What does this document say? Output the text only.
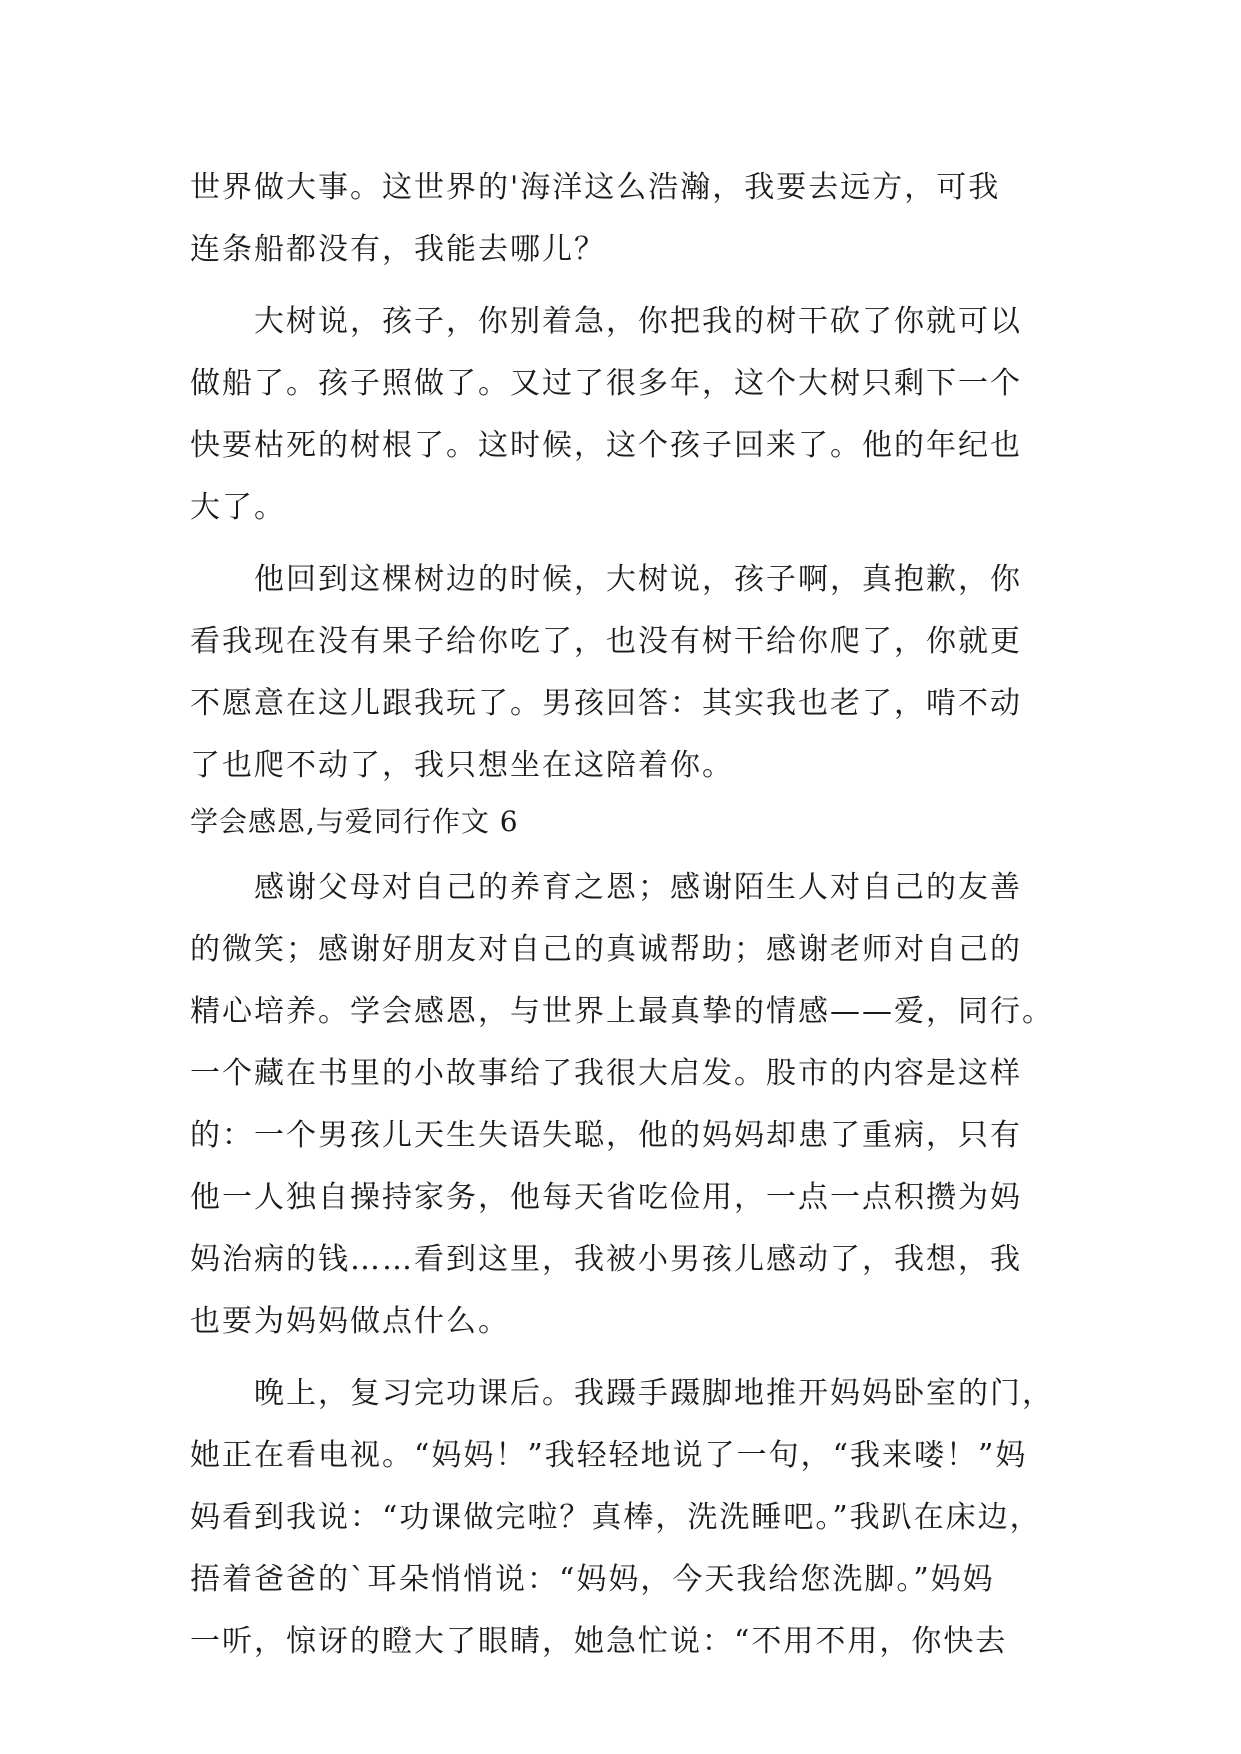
世界做大事。这世界的'海洋这么浩瀚，我要去远方，可我
连条船都没有，我能去哪儿？
大树说，孩子，你别着急，你把我的树干砍了你就可以
做船了。孩子照做了。又过了很多年，这个大树只剩下一个
快要枯死的树根了。这时候，这个孩子回来了。他的年纪也
大了。
他回到这棵树边的时候，大树说，孩子啊，真抱歉，你
看我现在没有果子给你吃了，也没有树干给你爬了，你就更
不愿意在这儿跟我玩了。男孩回答：其实我也老了，啃不动
了也爬不动了，我只想坐在这陪着你。
学会感恩,与爱同行作文 6
感谢父母对自己的养育之恩；感谢陌生人对自己的友善
的微笑；感谢好朋友对自己的真诚帮助；感谢老师对自己的
精心培养。学会感恩，与世界上最真挚的情感——爱，同行。
一个藏在书里的小故事给了我很大启发。股市的内容是这样
的：一个男孩儿天生失语失聪，他的妈妈却患了重病，只有
他一人独自操持家务，他每天省吃俭用，一点一点积攒为妈
妈治病的钱……看到这里，我被小男孩儿感动了，我想，我
也要为妈妈做点什么。
晚上，复习完功课后。我蹑手蹑脚地推开妈妈卧室的门，
她正在看电视。“妈妈！”我轻轻地说了一句，“我来喽！”妈
妈看到我说：“功课做完啦？真棒，洗洗睡吧。”我趴在床边，
捂着爸爸的`耳朵悄悄说：“妈妈，今天我给您洗脚。”妈妈
一听，惊讶的瞪大了眼睛，她急忙说：“不用不用，你快去
